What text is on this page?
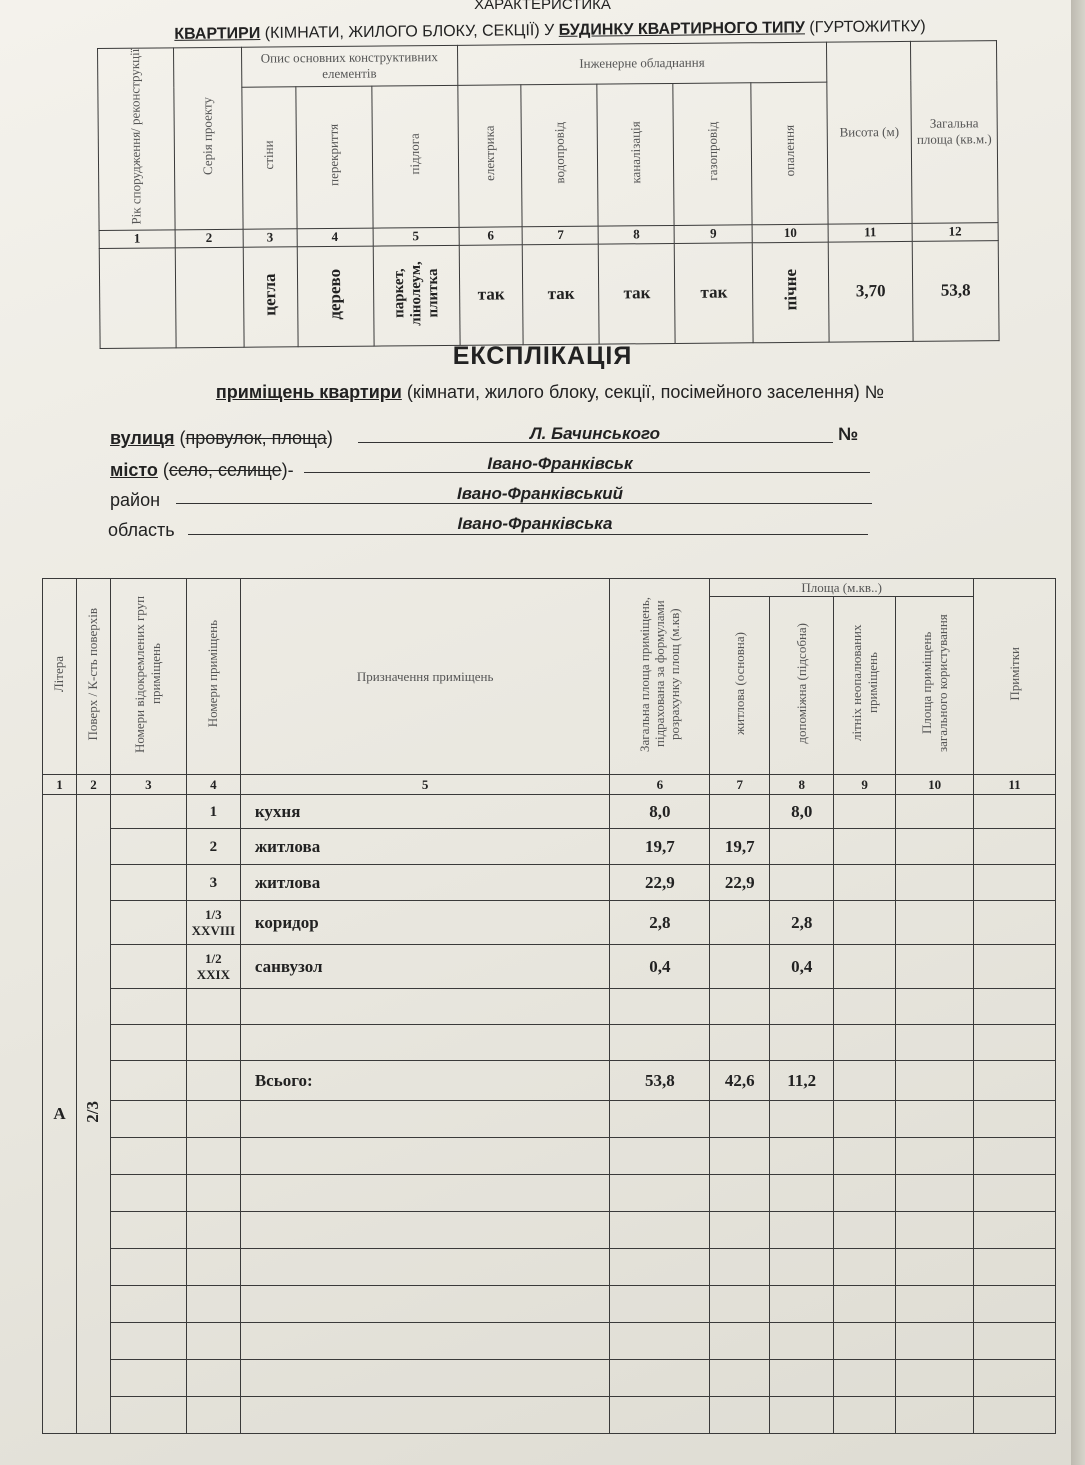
ХАРАКТЕРИСТИКА
КВАРТИРИ (КІМНАТИ, ЖИЛОГО БЛОКУ, СЕКЦІЇ) У БУДИНКУ КВАРТИРНОГО ТИПУ (ГУРТОЖИТКУ)
Рік спорудження/ реконструкції	Серія проекту	Опис основних конструктивних елементів			Інженерне обладнання					Висота (м)	Загальна площа (кв.м.)
		стіни	перекриття	підлога	електрика	водопровід	каналізація	газопровід	опалення		
1	2	3	4	5	6	7	8	9	10	11	12
		цегла	дерево	паркет,
лінолеум,
плитка	так	так	так	так	пічне	3,70	53,8
ЕКСПЛІКАЦІЯ
приміщень квартири (кімнати, жилого блоку, секції, посімейного заселення) №
вулиця (провулок, площа)	Л. Бачинського	№
місто (село, селище)-	Івано-Франківськ
район	Івано-Франківський
область	Івано-Франківська
Літера	Поверх / К-сть поверхів	Номери відокремлених груп приміщень	Номери приміщень	Призначення приміщень	Загальна площа приміщень, підрахована за формулами розрахунку площ (м.кв)	Площа (м.кв..)				Примітки
						житлова (основна)	допоміжна (підсобна)	літніх неопалюваних приміщень	Площа приміщень загального користування	
1	2	3	4	5	6	7	8	9	10	11
А	2/3		1	кухня	8,0		8,0			
			2	житлова	19,7	19,7				
			3	житлова	22,9	22,9				
			1/3
XXVIII	коридор	2,8		2,8			
			1/2
XXIX	санвузол	0,4		0,4			

				Всього:	53,8	42,6	11,2			
